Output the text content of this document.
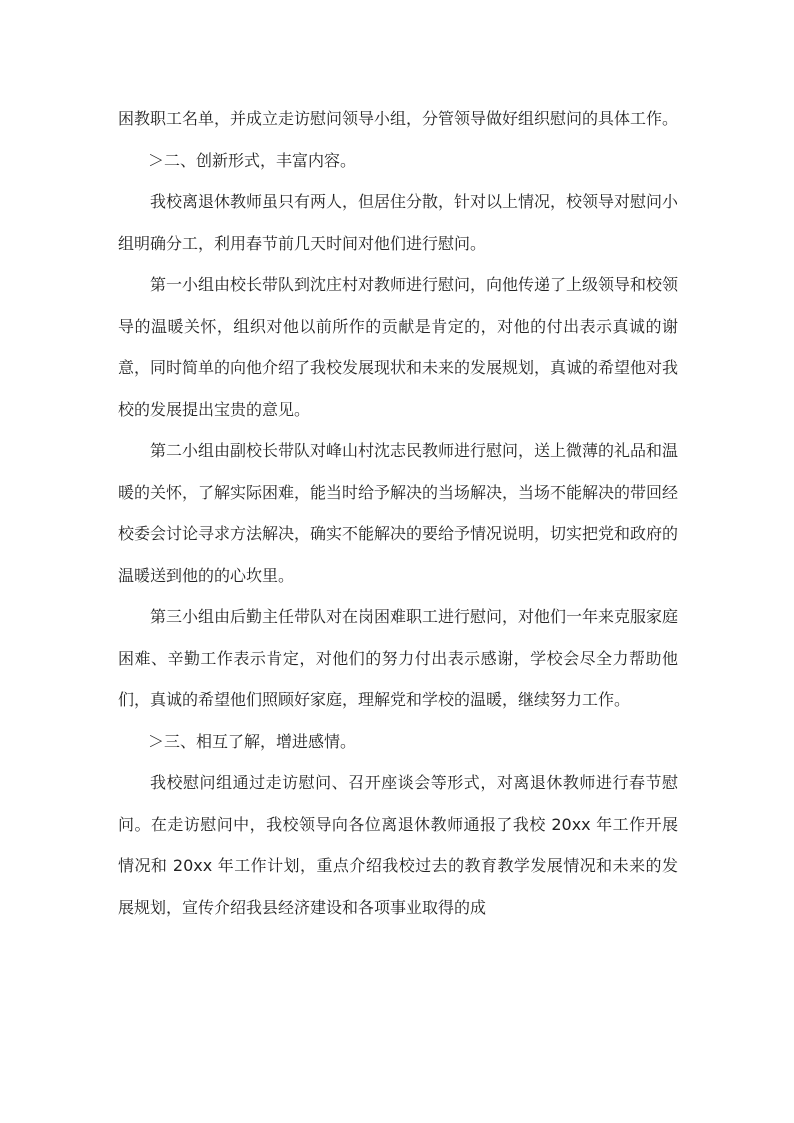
困教职工名单，并成立走访慰问领导小组，分管领导做好组织慰问的具体工作。

＞二、创新形式，丰富内容。

我校离退休教师虽只有两人，但居住分散，针对以上情况，校领导对慰问小组明确分工，利用春节前几天时间对他们进行慰问。

第一小组由校长带队到沈庄村对教师进行慰问，向他传递了上级领导和校领导的温暖关怀，组织对他以前所作的贡献是肯定的，对他的付出表示真诚的谢意，同时简单的向他介绍了我校发展现状和未来的发展规划，真诚的希望他对我校的发展提出宝贵的意见。

第二小组由副校长带队对峰山村沈志民教师进行慰问，送上微薄的礼品和温暖的关怀，了解实际困难，能当时给予解决的当场解决，当场不能解决的带回经校委会讨论寻求方法解决，确实不能解决的要给予情况说明，切实把党和政府的温暖送到他的的心坎里。

第三小组由后勤主任带队对在岗困难职工进行慰问，对他们一年来克服家庭困难、辛勤工作表示肯定，对他们的努力付出表示感谢，学校会尽全力帮助他们，真诚的希望他们照顾好家庭，理解党和学校的温暖，继续努力工作。

＞三、相互了解，增进感情。

我校慰问组通过走访慰问、召开座谈会等形式，对离退休教师进行春节慰问。在走访慰问中，我校领导向各位离退休教师通报了我校 20xx 年工作开展情况和 20xx 年工作计划，重点介绍我校过去的教育教学发展情况和未来的发展规划，宣传介绍我县经济建设和各项事业取得的成
